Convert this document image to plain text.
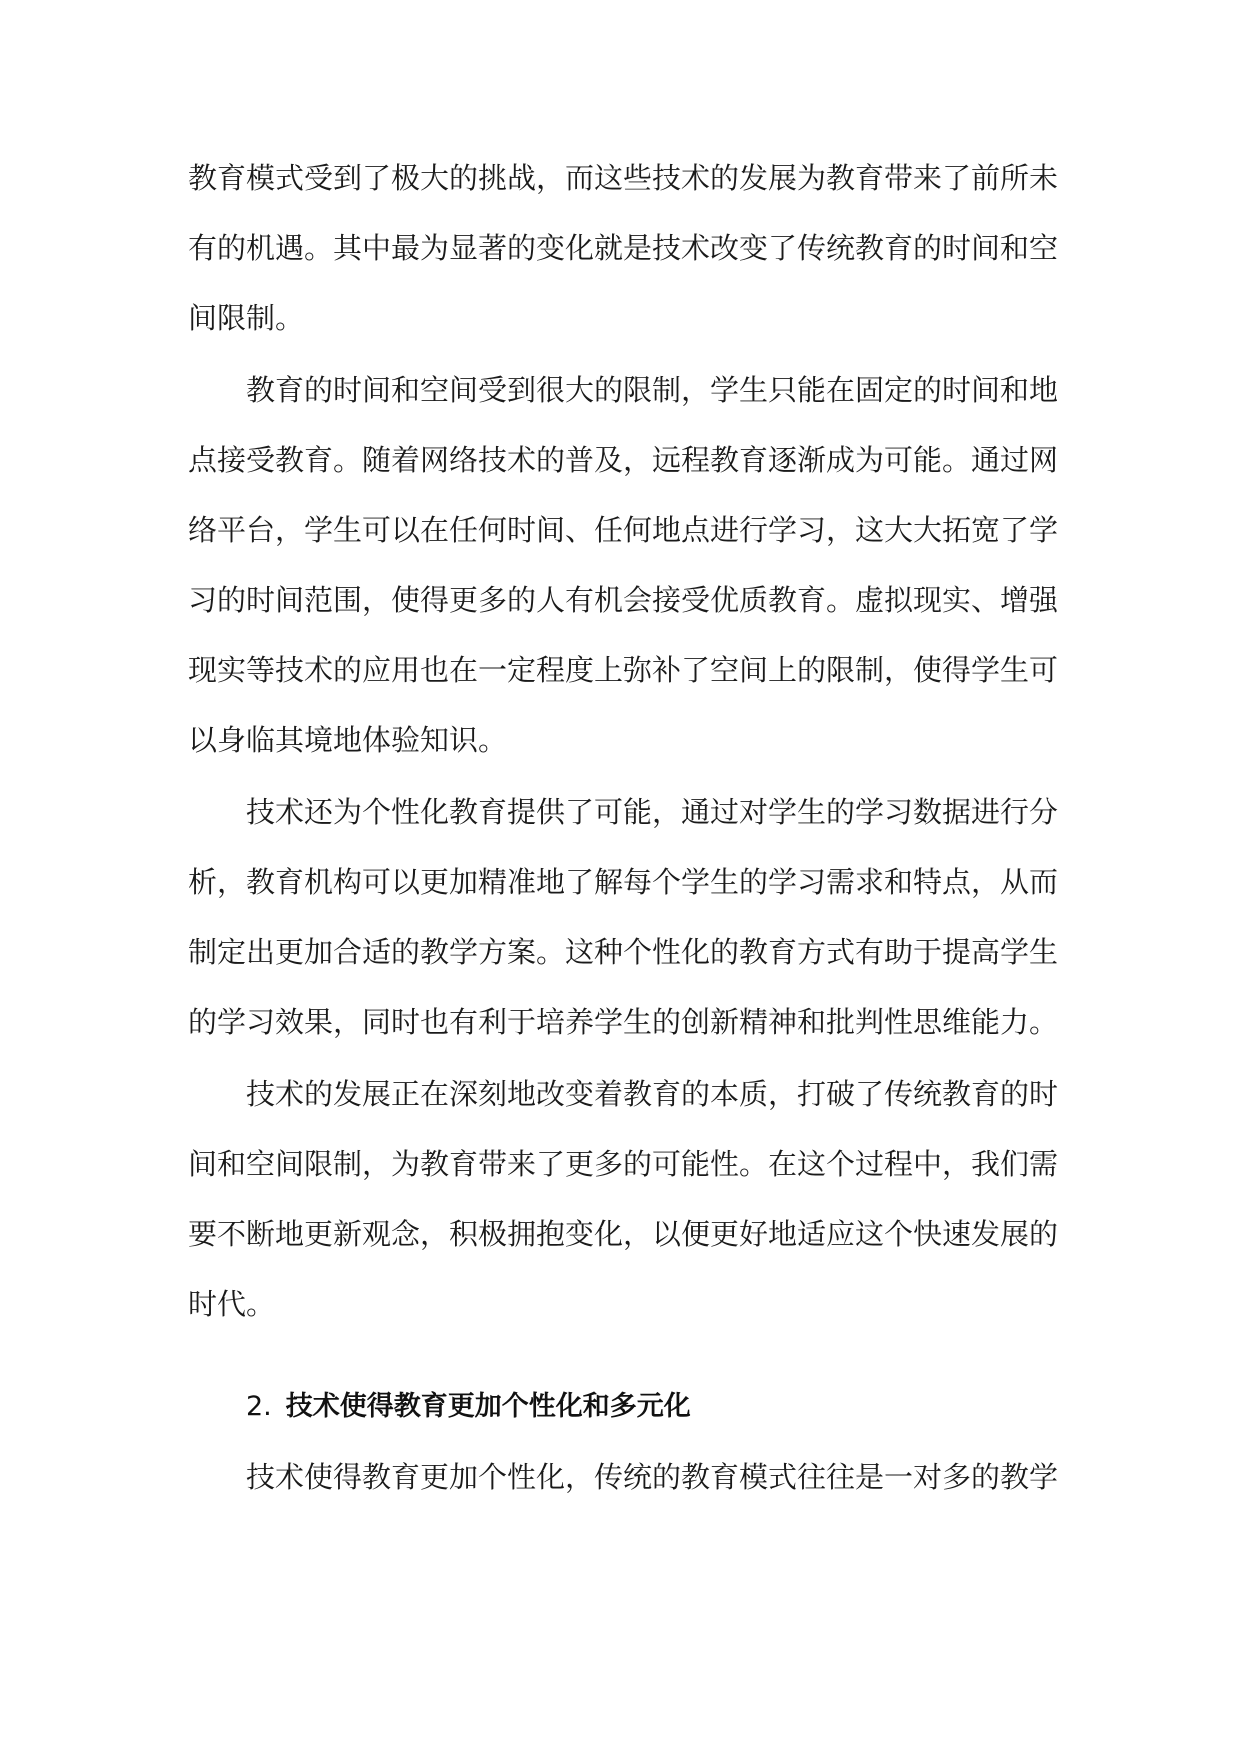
教育模式受到了极大的挑战，而这些技术的发展为教育带来了前所未有的机遇。其中最为显著的变化就是技术改变了传统教育的时间和空间限制。

教育的时间和空间受到很大的限制，学生只能在固定的时间和地点接受教育。随着网络技术的普及，远程教育逐渐成为可能。通过网络平台，学生可以在任何时间、任何地点进行学习，这大大拓宽了学习的时间范围，使得更多的人有机会接受优质教育。虚拟现实、增强现实等技术的应用也在一定程度上弥补了空间上的限制，使得学生可以身临其境地体验知识。

技术还为个性化教育提供了可能，通过对学生的学习数据进行分析，教育机构可以更加精准地了解每个学生的学习需求和特点，从而制定出更加合适的教学方案。这种个性化的教育方式有助于提高学生的学习效果，同时也有利于培养学生的创新精神和批判性思维能力。

技术的发展正在深刻地改变着教育的本质，打破了传统教育的时间和空间限制，为教育带来了更多的可能性。在这个过程中，我们需要不断地更新观念，积极拥抱变化，以便更好地适应这个快速发展的时代。

2. 技术使得教育更加个性化和多元化

技术使得教育更加个性化，传统的教育模式往往是一对多的教学
